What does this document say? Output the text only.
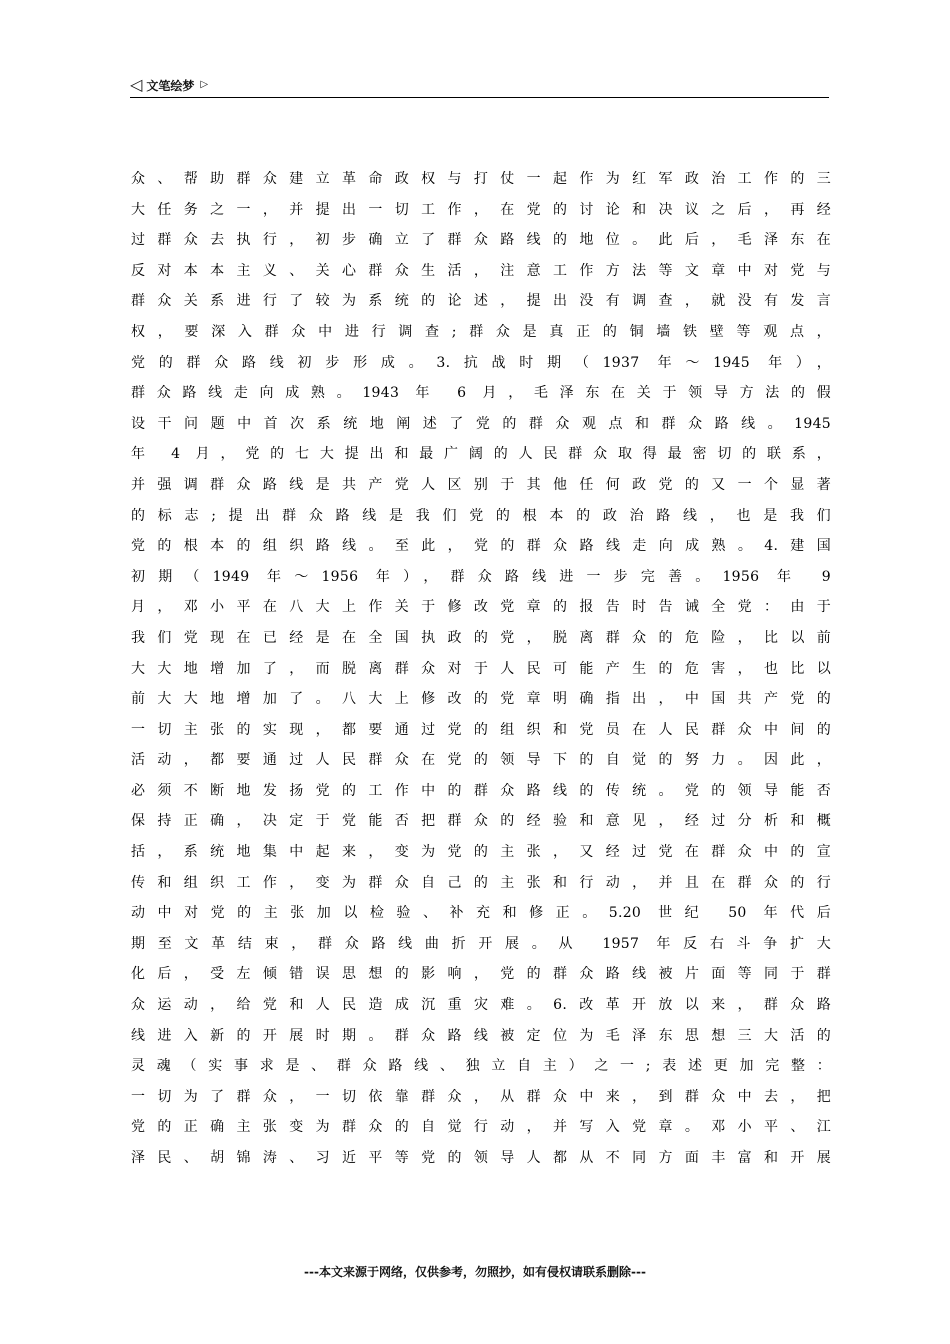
◁ 文笔绘梦 ▷
众、帮助群众建立革命政权与打仗一起作为红军政治工作的三
大任务之一，并提出一切工作，在党的讨论和决议之后，再经
过群众去执行，初步确立了群众路线的地位。此后，毛泽东在
反对本本主义、关心群众生活，注意工作方法等文章中对党与
群众关系进行了较为系统的论述，提出没有调查，就没有发言
权，要深入群众中进行调查;群众是真正的铜墙铁壁等观点，
党的群众路线初步形成。3.抗战时期（1937 年～1945 年），
群众路线走向成熟。1943 年 6 月，毛泽东在关于领导方法的假
设干问题中首次系统地阐述了党的群众观点和群众路线。1945
年 4 月，党的七大提出和最广阔的人民群众取得最密切的联系，
并强调群众路线是共产党人区别于其他任何政党的又一个显著
的标志;提出群众路线是我们党的根本的政治路线，也是我们
党的根本的组织路线。至此，党的群众路线走向成熟。4.建国
初期（1949 年～1956 年），群众路线进一步完善。1956 年 9
月，邓小平在八大上作关于修改党章的报告时告诫全党：由于
我们党现在已经是在全国执政的党，脱离群众的危险，比以前
大大地增加了，而脱离群众对于人民可能产生的危害，也比以
前大大地增加了。八大上修改的党章明确指出，中国共产党的
一切主张的实现，都要通过党的组织和党员在人民群众中间的
活动，都要通过人民群众在党的领导下的自觉的努力。因此，
必须不断地发扬党的工作中的群众路线的传统。党的领导能否
保持正确，决定于党能否把群众的经验和意见，经过分析和概
括，系统地集中起来，变为党的主张，又经过党在群众中的宣
传和组织工作，变为群众自己的主张和行动，并且在群众的行
动中对党的主张加以检验、补充和修正。5.20 世纪 50 年代后
期至文革结束，群众路线曲折开展。从 1957 年反右斗争扩大
化后，受左倾错误思想的影响，党的群众路线被片面等同于群
众运动，给党和人民造成沉重灾难。6.改革开放以来，群众路
线进入新的开展时期。群众路线被定位为毛泽东思想三大活的
灵魂（实事求是、群众路线、独立自主）之一;表述更加完整：
一切为了群众，一切依靠群众，从群众中来，到群众中去，把
党的正确主张变为群众的自觉行动，并写入党章。邓小平、江
泽民、胡锦涛、习近平等党的领导人都从不同方面丰富和开展
---本文来源于网络，仅供参考，勿照抄，如有侵权请联系删除---
